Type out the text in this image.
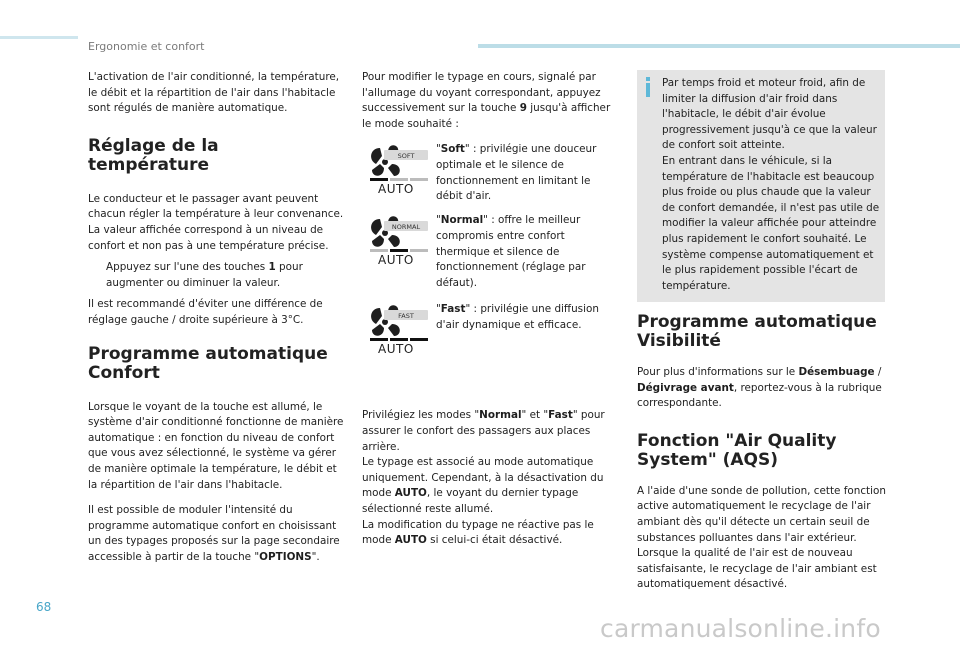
Ergonomie et confort

L'activation de l'air conditionné, la température, le débit et la répartition de l'air dans l'habitacle sont régulés de manière automatique.

Réglage de la température

Le conducteur et le passager avant peuvent chacun régler la température à leur convenance.

La valeur affichée correspond à un niveau de confort et non pas à une température précise.

Appuyez sur l'une des touches 1 pour augmenter ou diminuer la valeur.

Il est recommandé d'éviter une différence de réglage gauche / droite supérieure à 3°C.

Programme automatique Confort

Lorsque le voyant de la touche est allumé, le système d'air conditionné fonctionne de manière automatique : en fonction du niveau de confort que vous avez sélectionné, le système va gérer de manière optimale la température, le débit et la répartition de l'air dans l'habitacle.

Il est possible de moduler l'intensité du programme automatique confort en choisissant un des typages proposés sur la page secondaire accessible à partir de la touche "OPTIONS".

Pour modifier le typage en cours, signalé par l'allumage du voyant correspondant, appuyez successivement sur la touche 9 jusqu'à afficher le mode souhaité :

SOFT
AUTO
"Soft" : privilégie une douceur optimale et le silence de fonctionnement en limitant le débit d'air.
NORMAL
AUTO
"Normal" : offre le meilleur compromis entre confort thermique et silence de fonctionnement (réglage par défaut).
FAST
AUTO
"Fast" : privilégie une diffusion d'air dynamique et efficace.

Privilégiez les modes "Normal" et "Fast" pour assurer le confort des passagers aux places arrière.

Le typage est associé au mode automatique uniquement. Cependant, à la désactivation du mode AUTO, le voyant du dernier typage sélectionné reste allumé.

La modification du typage ne réactive pas le mode AUTO si celui-ci était désactivé.

Par temps froid et moteur froid, afin de limiter la diffusion d'air froid dans l'habitacle, le débit d'air évolue progressivement jusqu'à ce que la valeur de confort soit atteinte.
En entrant dans le véhicule, si la température de l'habitacle est beaucoup plus froide ou plus chaude que la valeur de confort demandée, il n'est pas utile de modifier la valeur affichée pour atteindre plus rapidement le confort souhaité. Le système compense automatiquement et le plus rapidement possible l'écart de température.
Programme automatique Visibilité

Pour plus d'informations sur le Désembuage / Dégivrage avant, reportez-vous à la rubrique correspondante.

Fonction "Air Quality System" (AQS)

A l'aide d'une sonde de pollution, cette fonction active automatiquement le recyclage de l'air ambiant dès qu'il détecte un certain seuil de substances polluantes dans l'air extérieur.
Lorsque la qualité de l'air est de nouveau satisfaisante, le recyclage de l'air ambiant est automatiquement désactivé.

68
carmanualsonline.info
